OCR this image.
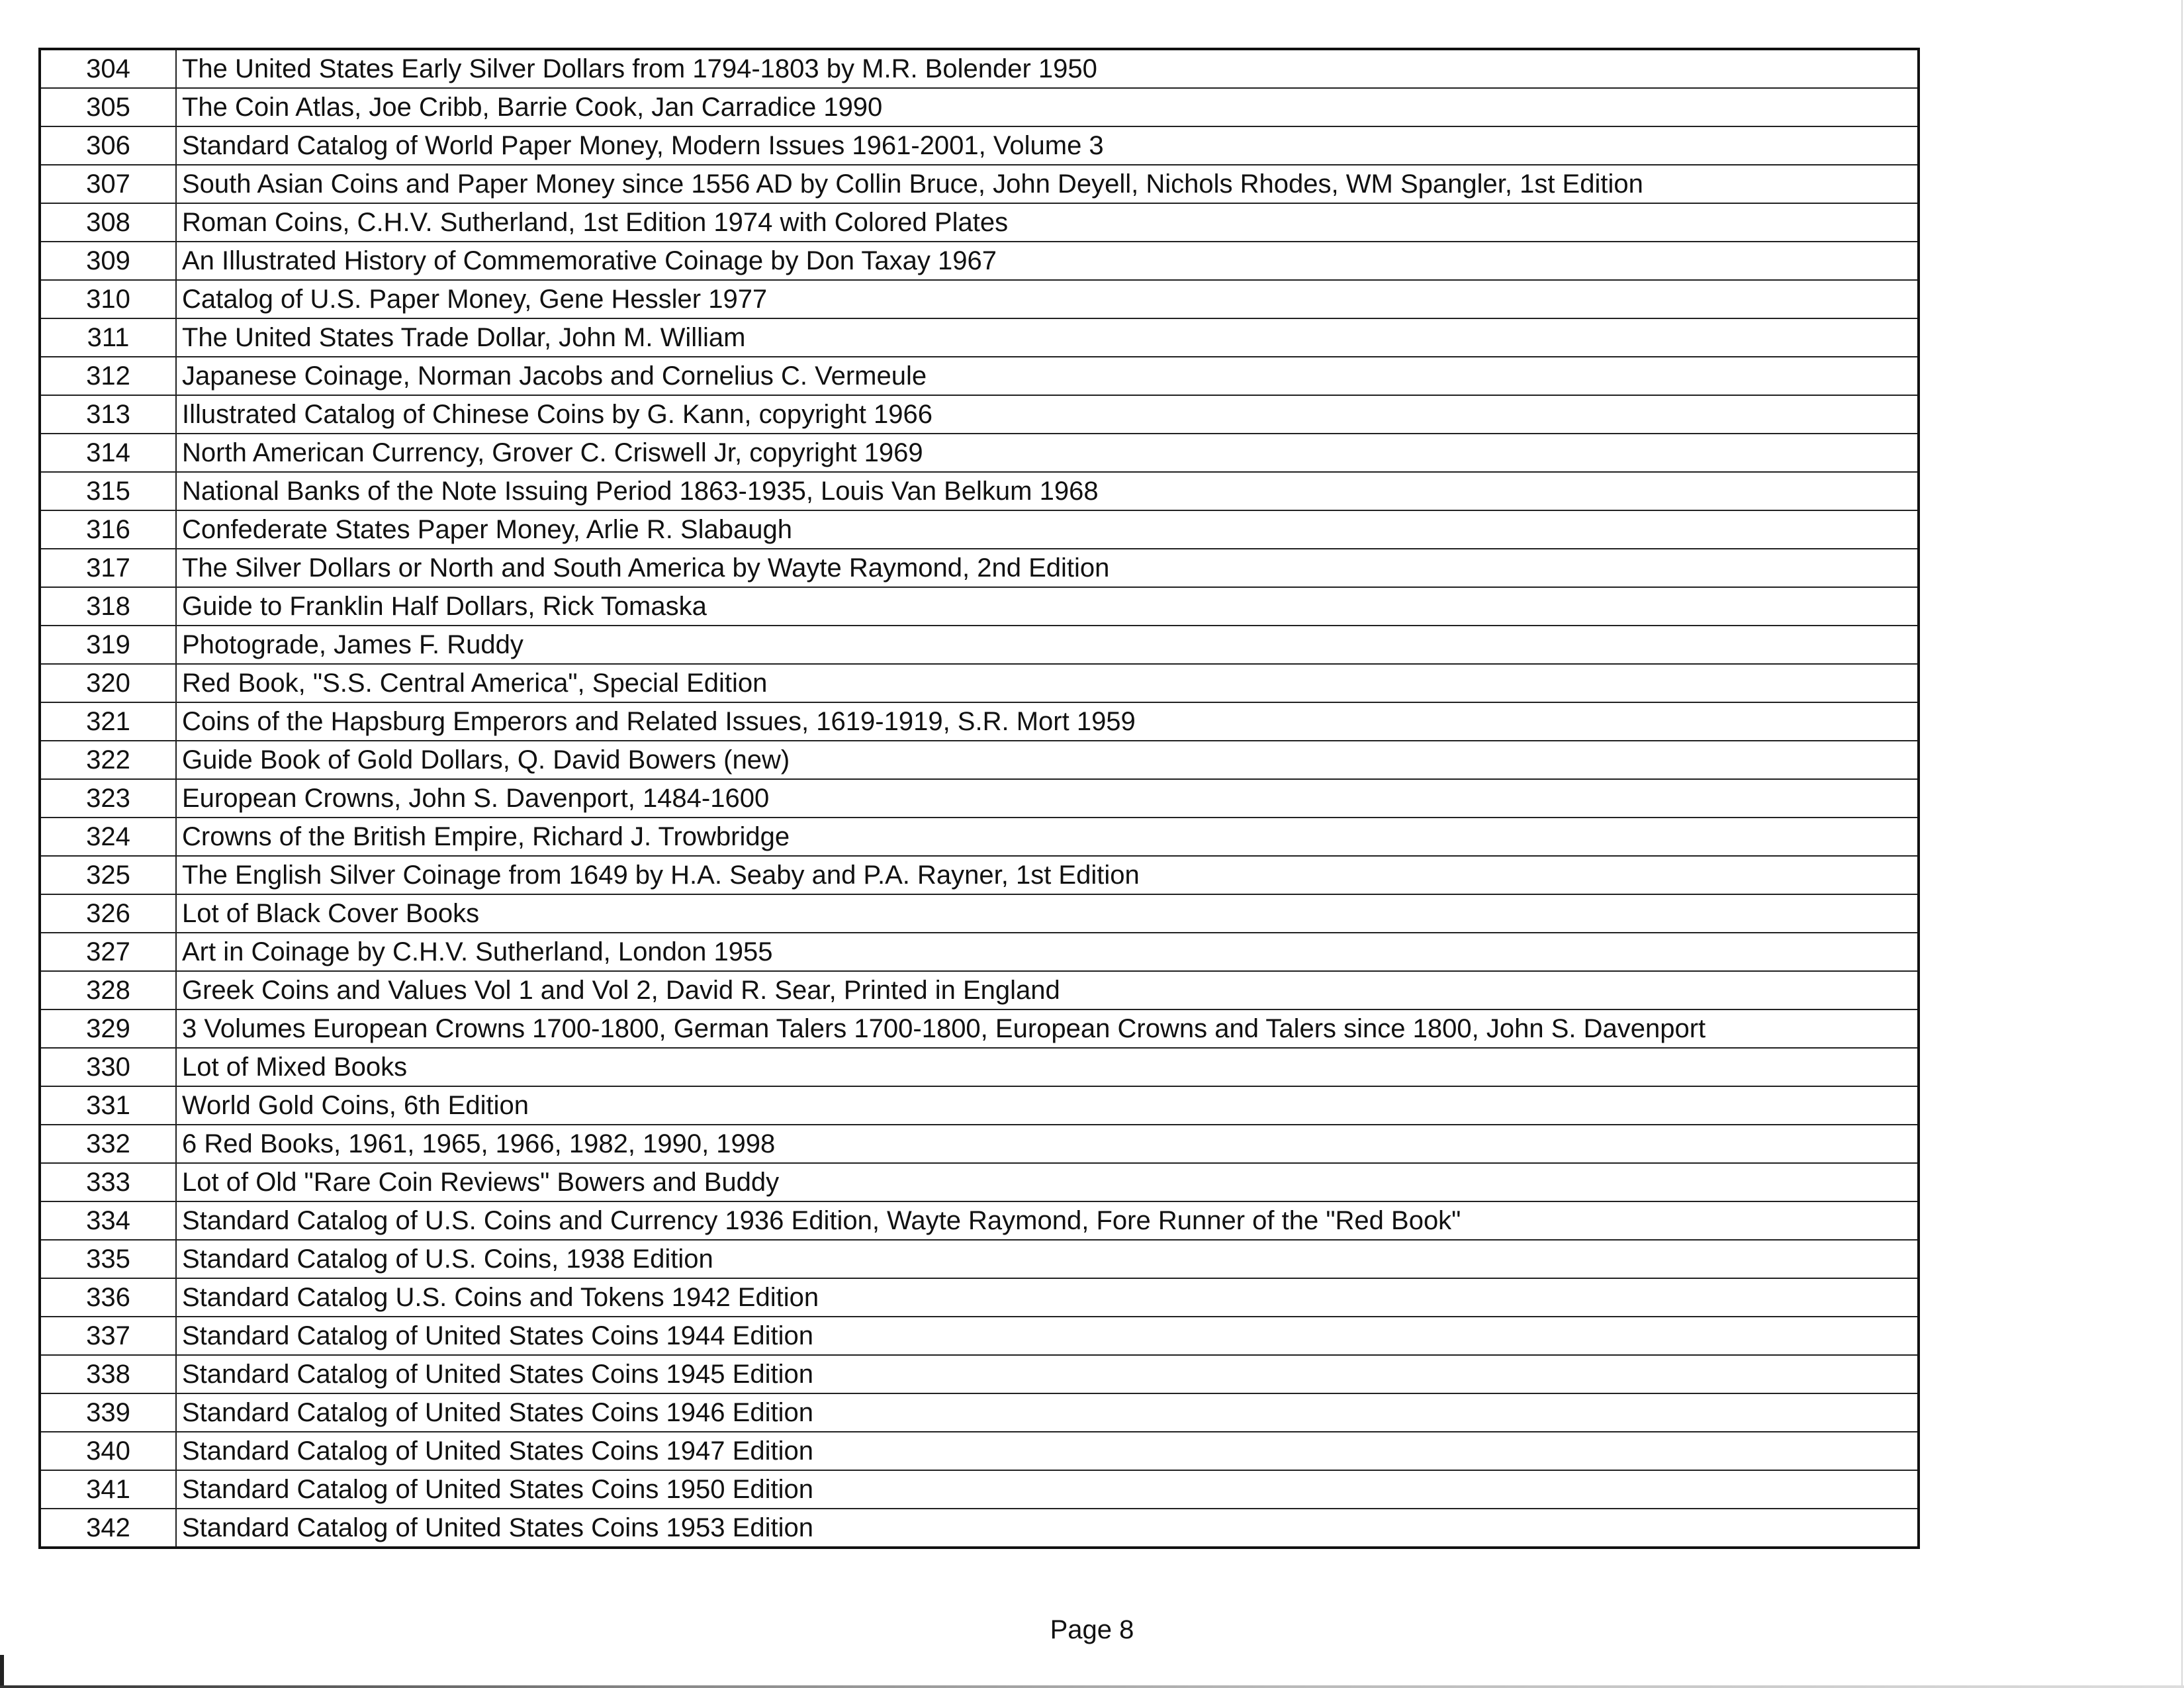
304	The United States Early Silver Dollars from 1794-1803 by M.R. Bolender 1950
305	The Coin Atlas, Joe Cribb, Barrie Cook, Jan Carradice 1990
306	Standard Catalog of World Paper Money, Modern Issues 1961-2001, Volume 3
307	South Asian Coins and Paper Money since 1556 AD by Collin Bruce, John Deyell, Nichols Rhodes, WM Spangler, 1st Edition
308	Roman Coins, C.H.V. Sutherland, 1st Edition 1974 with Colored Plates
309	An Illustrated History of Commemorative Coinage by Don Taxay 1967
310	Catalog of U.S. Paper Money, Gene Hessler 1977
311	The United States Trade Dollar, John M. William
312	Japanese Coinage, Norman Jacobs and Cornelius C. Vermeule
313	Illustrated Catalog of Chinese Coins by G. Kann, copyright 1966
314	North American Currency, Grover C. Criswell Jr, copyright 1969
315	National Banks of the Note Issuing Period 1863-1935, Louis Van Belkum 1968
316	Confederate States Paper Money, Arlie R. Slabaugh
317	The Silver Dollars or North and South America by Wayte Raymond, 2nd Edition
318	Guide to Franklin Half Dollars, Rick Tomaska
319	Photograde, James F. Ruddy
320	Red Book, "S.S. Central America", Special Edition
321	Coins of the Hapsburg Emperors and Related Issues, 1619-1919, S.R. Mort 1959
322	Guide Book of Gold Dollars, Q. David Bowers (new)
323	European Crowns, John S. Davenport, 1484-1600
324	Crowns of the British Empire, Richard J. Trowbridge
325	The English Silver Coinage from 1649 by H.A. Seaby and P.A. Rayner, 1st Edition
326	Lot of Black Cover Books
327	Art in Coinage by C.H.V. Sutherland, London 1955
328	Greek Coins and Values Vol 1 and Vol 2, David R. Sear, Printed in England
329	3 Volumes European Crowns 1700-1800, German Talers 1700-1800, European Crowns and Talers since 1800, John S. Davenport
330	Lot of Mixed Books
331	World Gold Coins, 6th Edition
332	6 Red Books, 1961, 1965, 1966, 1982, 1990, 1998
333	Lot of Old "Rare Coin Reviews" Bowers and Buddy
334	Standard Catalog of U.S. Coins and Currency 1936 Edition, Wayte Raymond, Fore Runner of the "Red Book"
335	Standard Catalog of U.S. Coins, 1938 Edition
336	Standard Catalog U.S. Coins and Tokens 1942 Edition
337	Standard Catalog of United States Coins 1944 Edition
338	Standard Catalog of United States Coins 1945 Edition
339	Standard Catalog of United States Coins 1946 Edition
340	Standard Catalog of United States Coins 1947 Edition
341	Standard Catalog of United States Coins 1950 Edition
342	Standard Catalog of United States Coins 1953 Edition
Page 8
